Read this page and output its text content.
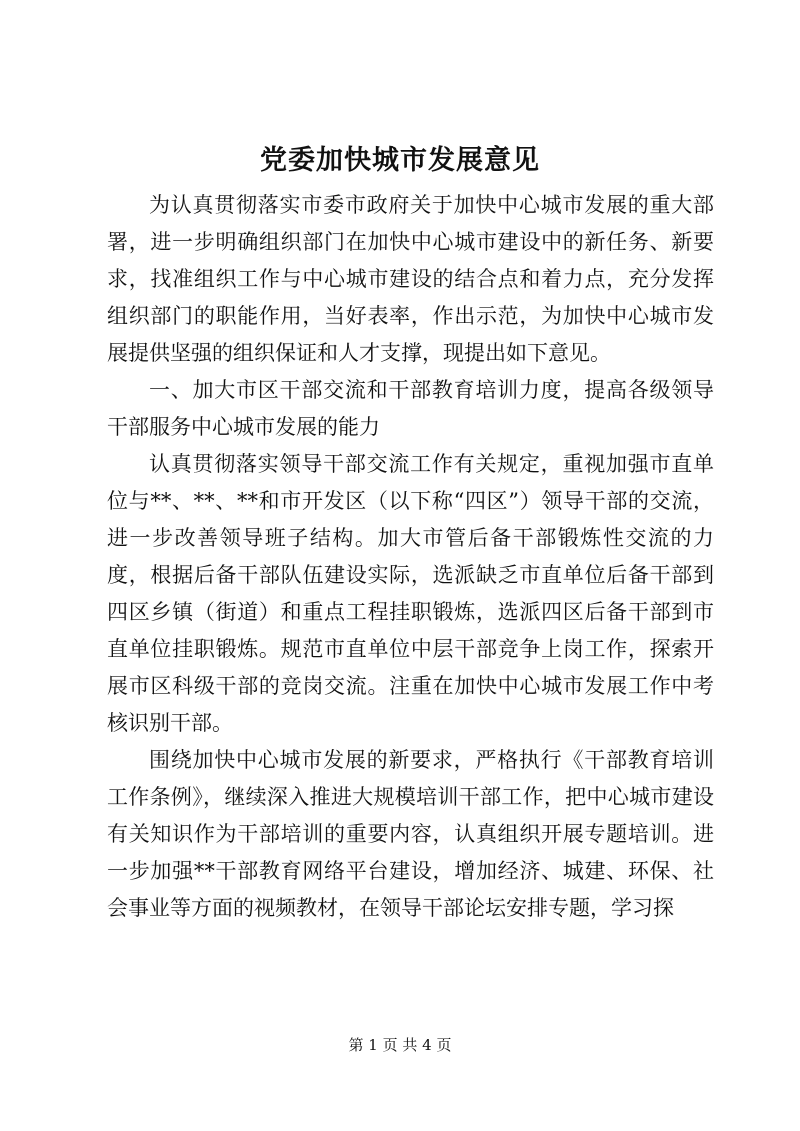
党委加快城市发展意见

为认真贯彻落实市委市政府关于加快中心城市发展的重大部署，进一步明确组织部门在加快中心城市建设中的新任务、新要求，找准组织工作与中心城市建设的结合点和着力点，充分发挥组织部门的职能作用，当好表率，作出示范，为加快中心城市发展提供坚强的组织保证和人才支撑，现提出如下意见。

一、加大市区干部交流和干部教育培训力度，提高各级领导干部服务中心城市发展的能力

认真贯彻落实领导干部交流工作有关规定，重视加强市直单位与**、**、**和市开发区（以下称“四区”）领导干部的交流，进一步改善领导班子结构。加大市管后备干部锻炼性交流的力度，根据后备干部队伍建设实际，选派缺乏市直单位后备干部到四区乡镇（街道）和重点工程挂职锻炼，选派四区后备干部到市直单位挂职锻炼。规范市直单位中层干部竞争上岗工作，探索开展市区科级干部的竞岗交流。注重在加快中心城市发展工作中考核识别干部。

围绕加快中心城市发展的新要求，严格执行《干部教育培训工作条例》，继续深入推进大规模培训干部工作，把中心城市建设有关知识作为干部培训的重要内容，认真组织开展专题培训。进一步加强**干部教育网络平台建设，增加经济、城建、环保、社会事业等方面的视频教材，在领导干部论坛安排专题，学习探

第 1 页 共 4 页
